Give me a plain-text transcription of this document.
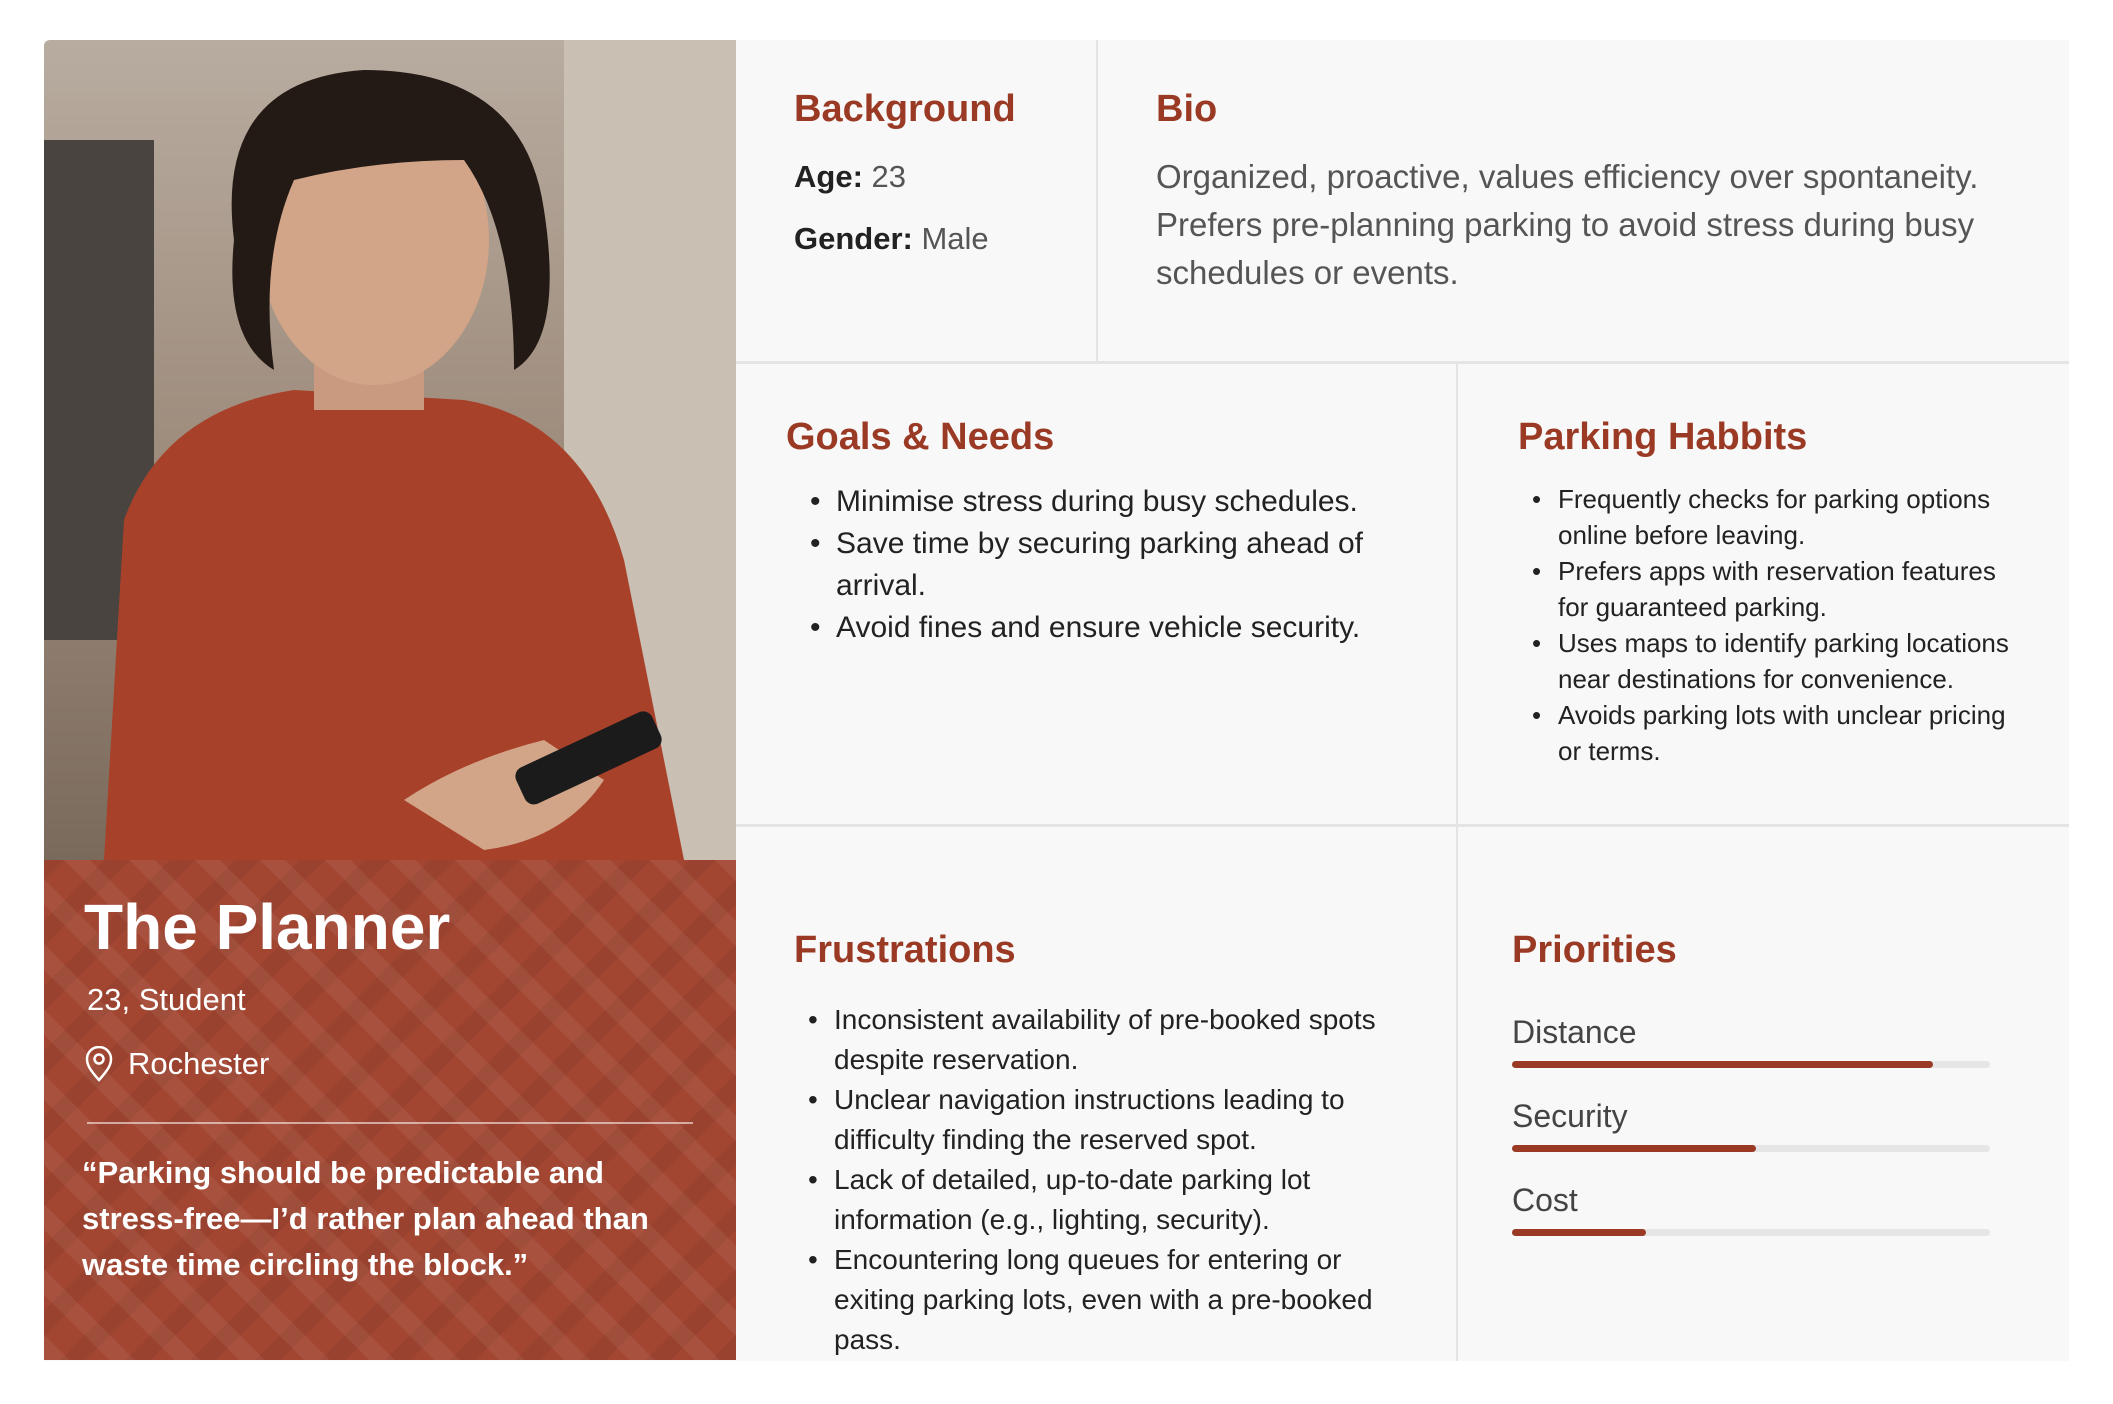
The Planner
23, Student
Rochester
“Parking should be predictable and stress-free—I’d rather plan ahead than waste time circling the block.”
Background
Age: 23
Gender: Male
Bio

Organized, proactive, values efficiency over spontaneity. Prefers pre-planning parking to avoid stress during busy schedules or events.

Goals & Needs
• Minimise stress during busy schedules.
• Save time by securing parking ahead of arrival.
• Avoid fines and ensure vehicle security.
Parking Habbits
• Frequently checks for parking options online before leaving.
• Prefers apps with reservation features for guaranteed parking.
• Uses maps to identify parking locations near destinations for convenience.
• Avoids parking lots with unclear pricing or terms.
Frustrations
• Inconsistent availability of pre-booked spots despite reservation.
• Unclear navigation instructions leading to difficulty finding the reserved spot.
• Lack of detailed, up-to-date parking lot information (e.g., lighting, security).
• Encountering long queues for entering or exiting parking lots, even with a pre-booked pass.
Priorities
Distance
Security
Cost
